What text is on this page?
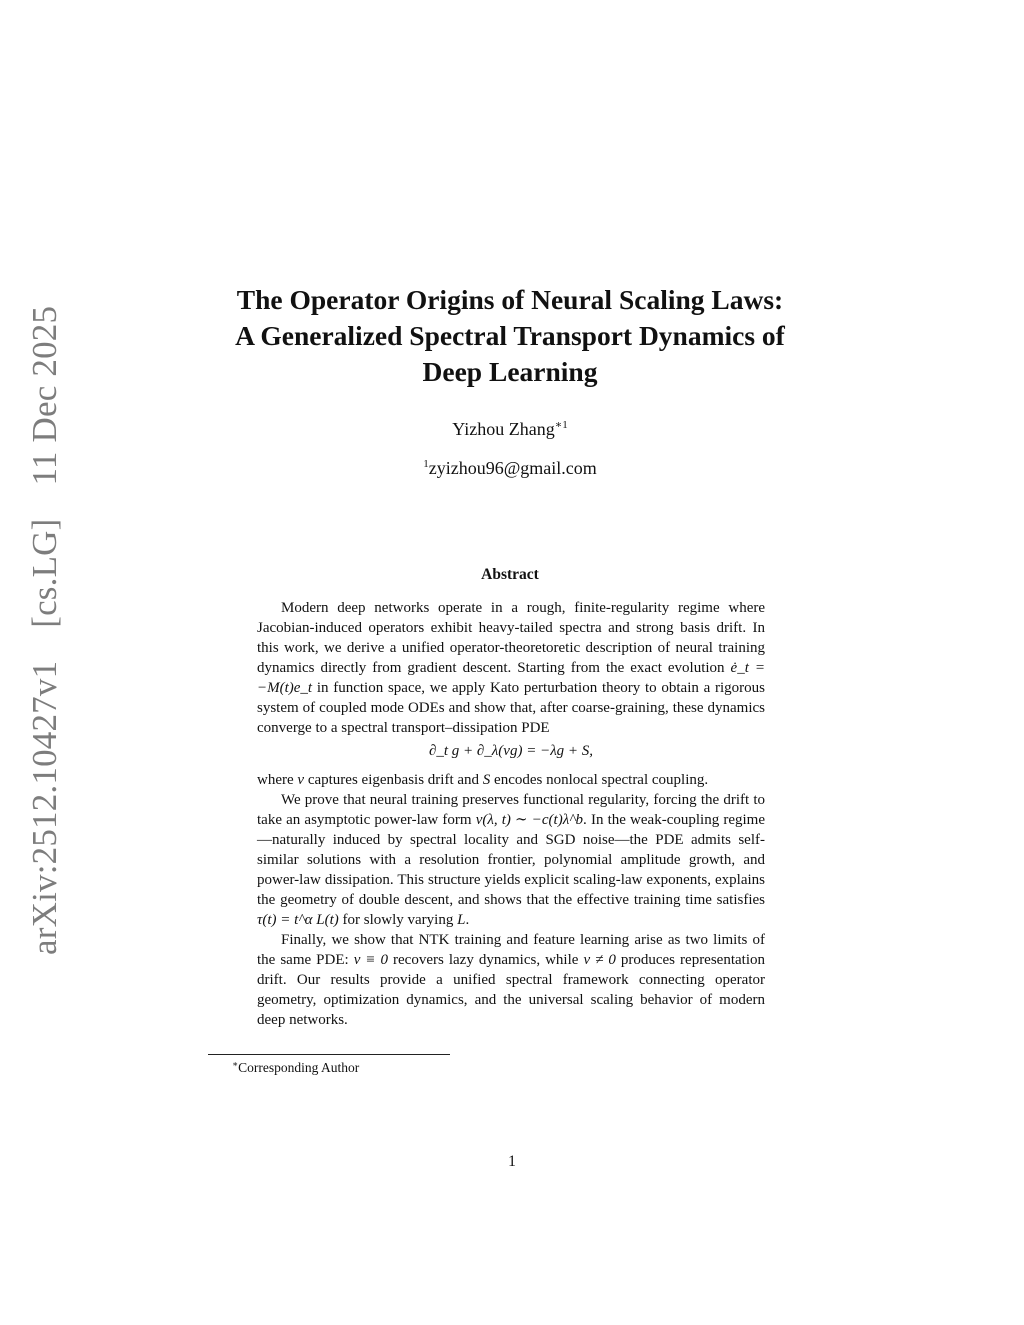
arXiv:2512.10427v1 [cs.LG] 11 Dec 2025
The Operator Origins of Neural Scaling Laws:
A Generalized Spectral Transport Dynamics of
Deep Learning
Yizhou Zhang$^{∗1}$
$^1$zyizhou96@gmail.com
Abstract

Modern deep networks operate in a rough, finite-regularity regime where Jacobian-induced operators exhibit heavy-tailed spectra and strong basis drift. In this work, we derive a unified operator-theoretoretic description of neural training dynamics directly from gradient descent. Starting from the exact evolution ė_t = −M(t)e_t in function space, we apply Kato perturbation theory to obtain a rigorous system of coupled mode ODEs and show that, after coarse-graining, these dynamics converge to a spectral transport–dissipation PDE

∂_t g + ∂_λ(vg) = −λg + S,

where v captures eigenbasis drift and S encodes nonlocal spectral coupling.

We prove that neural training preserves functional regularity, forcing the drift to take an asymptotic power-law form v(λ, t) ∼ −c(t)λ^b. In the weak-coupling regime—naturally induced by spectral locality and SGD noise—the PDE admits self-similar solutions with a resolution frontier, polynomial amplitude growth, and power-law dissipation. This structure yields explicit scaling-law exponents, explains the geometry of double descent, and shows that the effective training time satisfies τ(t) = t^α L(t) for slowly varying L.

Finally, we show that NTK training and feature learning arise as two limits of the same PDE: v ≡ 0 recovers lazy dynamics, while v ≠ 0 produces representation drift. Our results provide a unified spectral framework connecting operator geometry, optimization dynamics, and the universal scaling behavior of modern deep networks.

∗Corresponding Author
1
